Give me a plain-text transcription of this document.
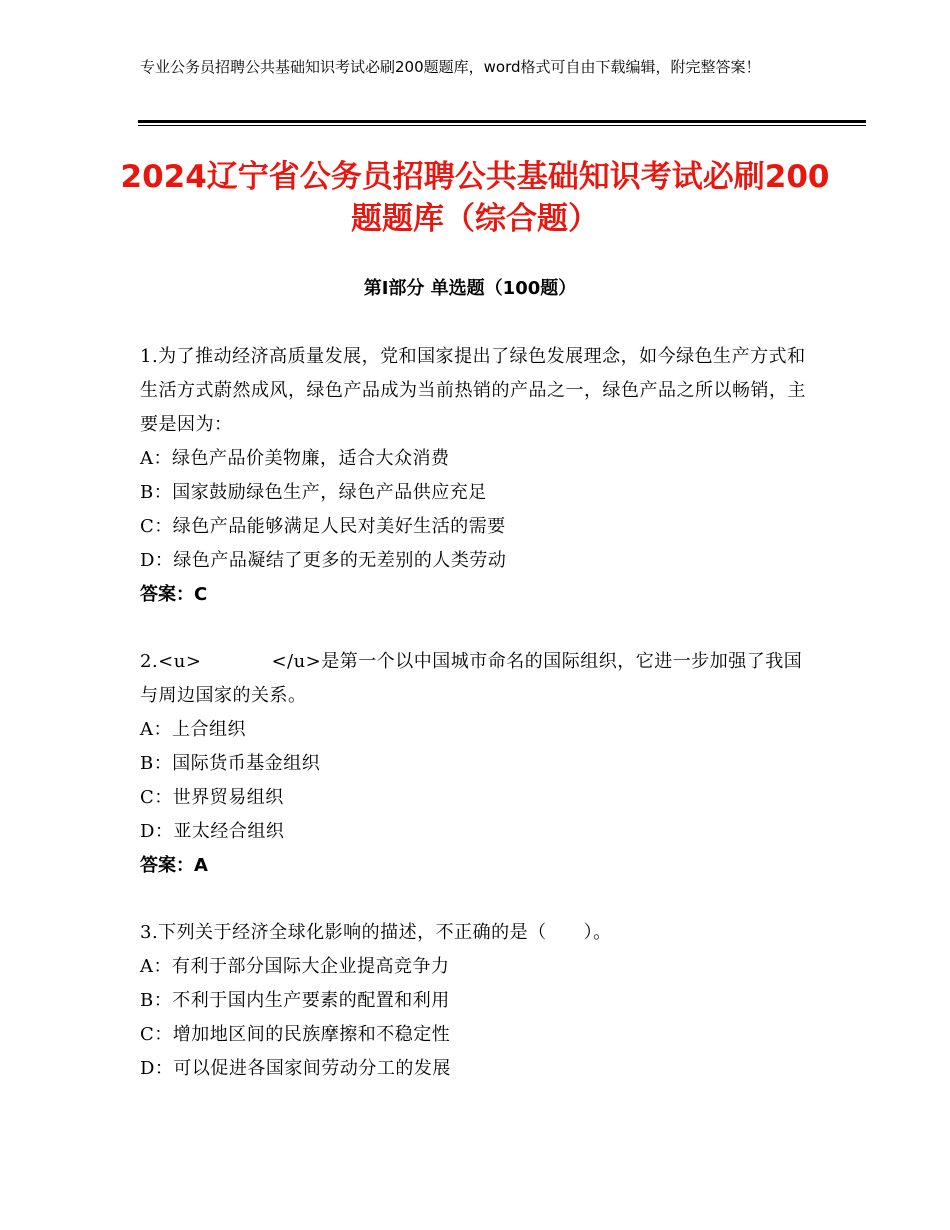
专业公务员招聘公共基础知识考试必刷200题题库，word格式可自由下载编辑，附完整答案！
2024辽宁省公务员招聘公共基础知识考试必刷200题题库（综合题）
第Ⅰ部分 单选题（100题）
1.为了推动经济高质量发展，党和国家提出了绿色发展理念，如今绿色生产方式和生活方式蔚然成风，绿色产品成为当前热销的产品之一，绿色产品之所以畅销，主要是因为：
A：绿色产品价美物廉，适合大众消费
B：国家鼓励绿色生产，绿色产品供应充足
C：绿色产品能够满足人民对美好生活的需要
D：绿色产品凝结了更多的无差别的人类劳动
答案：C
2.<u>	</u>是第一个以中国城市命名的国际组织，它进一步加强了我国与周边国家的关系。
A：上合组织
B：国际货币基金组织
C：世界贸易组织
D：亚太经合组织
答案：A
3.下列关于经济全球化影响的描述，不正确的是（　　）。
A：有利于部分国际大企业提高竞争力
B：不利于国内生产要素的配置和利用
C：增加地区间的民族摩擦和不稳定性
D：可以促进各国家间劳动分工的发展
